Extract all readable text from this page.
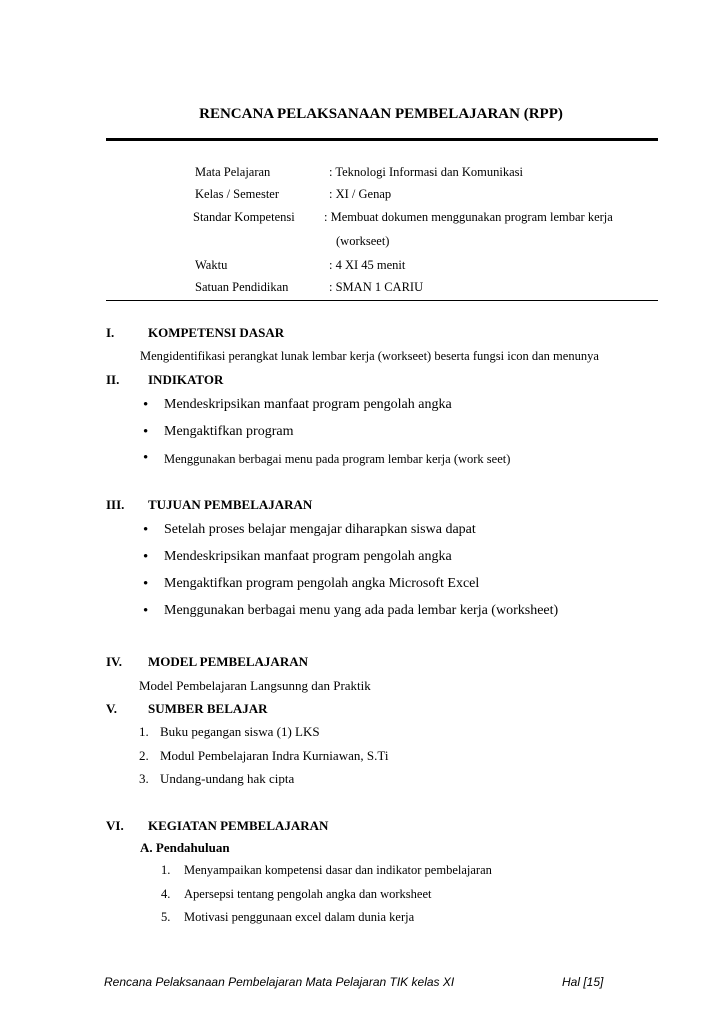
RENCANA PELAKSANAAN PEMBELAJARAN (RPP)
Mata Pelajaran	: Teknologi Informasi dan Komunikasi
Kelas / Semester	: XI / Genap
Standar Kompetensi : Membuat dokumen menggunakan program lembar kerja
(workseet)
Waktu	: 4 XI 45 menit
Satuan Pendidikan	: SMAN 1 CARIU
I.	KOMPETENSI DASAR
Mengidentifikasi perangkat lunak lembar kerja (workseet) beserta fungsi icon dan menunya
II. INDIKATOR
• Mendeskripsikan manfaat program pengolah angka
• Mengaktifkan program
• Menggunakan berbagai menu pada program lembar kerja (work seet)
III. TUJUAN PEMBELAJARAN
• Setelah proses belajar mengajar diharapkan siswa dapat
• Mendeskripsikan manfaat program pengolah angka
• Mengaktifkan program pengolah angka Microsoft Excel
• Menggunakan berbagai menu yang ada pada lembar kerja (worksheet)
IV. MODEL PEMBELAJARAN
Model Pembelajaran Langsunng dan Praktik
V. SUMBER BELAJAR
1. Buku pegangan siswa (1) LKS
2. Modul Pembelajaran Indra Kurniawan, S.Ti
3. Undang-undang hak cipta
VI. KEGIATAN PEMBELAJARAN
A. Pendahuluan
1. Menyampaikan kompetensi dasar dan indikator pembelajaran
4. Apersepsi tentang pengolah angka dan worksheet
5. Motivasi penggunaan excel dalam dunia kerja
Rencana Pelaksanaan Pembelajaran Mata Pelajaran TIK kelas XI	Hal [15]
